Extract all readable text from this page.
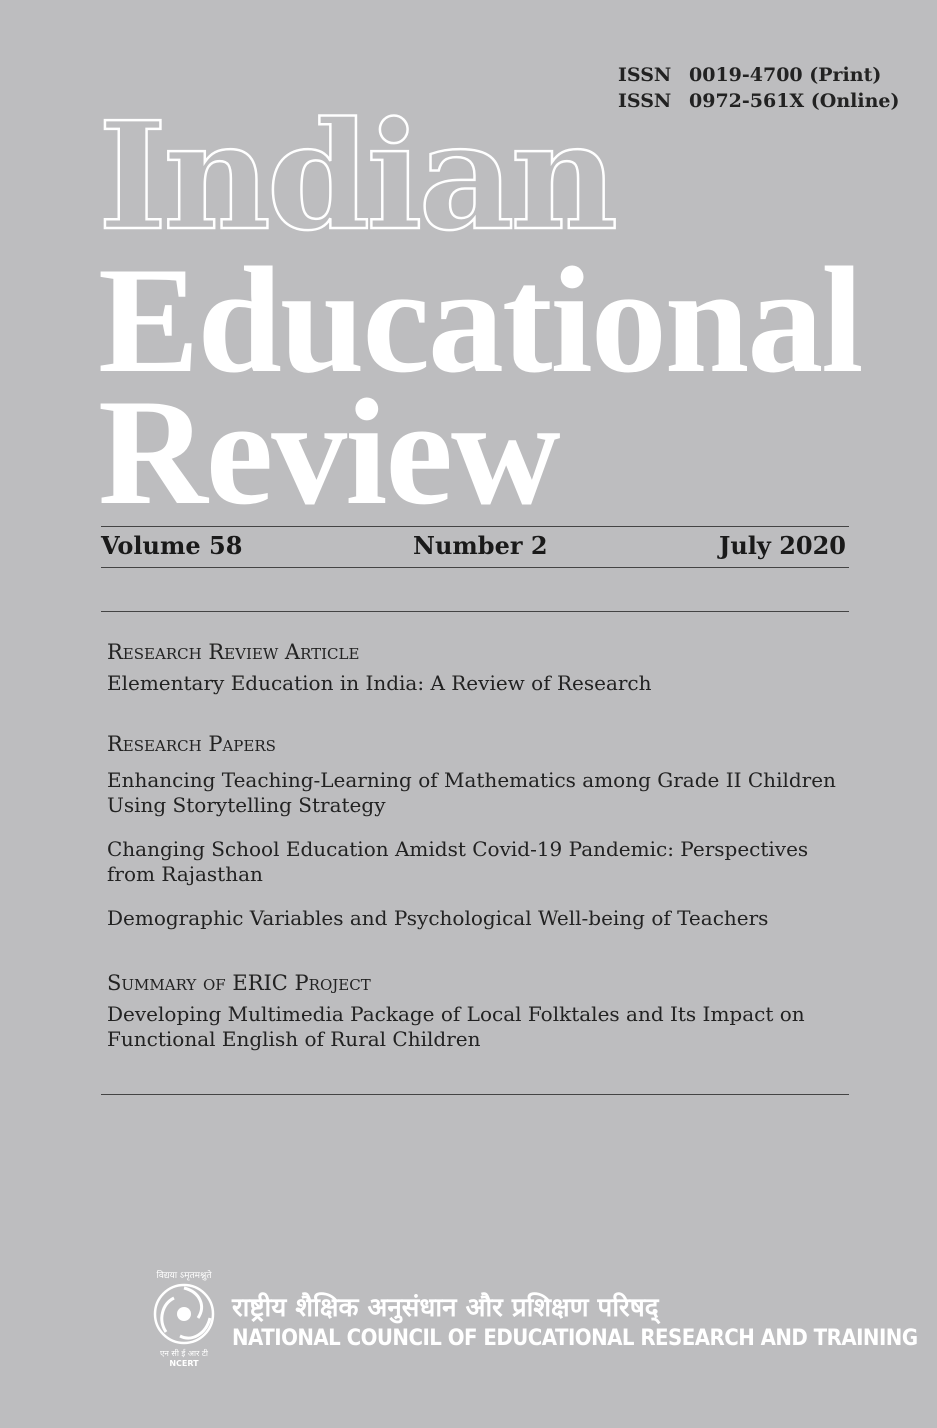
ISSN 0019-4700 (Print)
ISSN 0972-561X (Online)
Indian
Educational
Review
Volume 58	Number 2	July 2020

Research Review Article

Elementary Education in India: A Review of Research

Research Papers

Enhancing Teaching-Learning of Mathematics among Grade II Children Using Storytelling Strategy

Changing School Education Amidst Covid-19 Pandemic: Perspectives from Rajasthan

Demographic Variables and Psychological Well-being of Teachers

Summary of ERIC Project

Developing Multimedia Package of Local Folktales and Its Impact on Functional English of Rural Children

विद्यया ऽमृतमश्नुते
एन सी ई आर टी
NCERT
राष्ट्रीय शैक्षिक अनुसंधान और प्रशिक्षण परिषद्
NATIONAL COUNCIL OF EDUCATIONAL RESEARCH AND TRAINING
